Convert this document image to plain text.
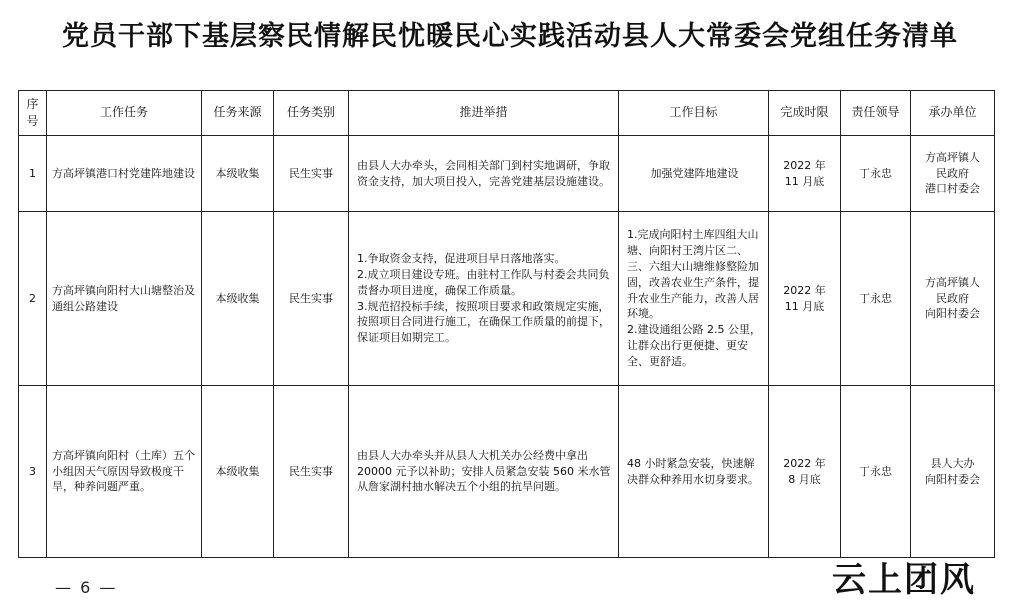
党员干部下基层察民情解民忧暖民心实践活动县人大常委会党组任务清单
序号	工作任务	任务来源	任务类别	推进举措	工作目标	完成时限	责任领导	承办单位
1	方高坪镇港口村党建阵地建设	本级收集	民生实事	由县人大办牵头，会同相关部门到村实地调研，争取资金支持，加大项目投入，完善党建基层设施建设。	加强党建阵地建设	2022 年
11 月底	丁永忠	方高坪镇人
民政府
港口村委会

2	方高坪镇向阳村大山塘整治及通组公路建设	本级收集	民生实事	1.争取资金支持，促进项目早日落地落实。
2.成立项目建设专班。由驻村工作队与村委会共同负责督办项目进度，确保工作质量。
3.规范招投标手续，按照项目要求和政策规定实施，按照项目合同进行施工，在确保工作质量的前提下，保证项目如期完工。	1.完成向阳村土库四组大山塘、向阳村王湾片区二、三、六组大山塘维修整险加固，改善农业生产条件，提升农业生产能力，改善人居环境。
2.建设通组公路 2.5 公里，让群众出行更便捷、更安全、更舒适。	2022 年
11 月底	丁永忠	方高坪镇人
民政府
向阳村委会

3	方高坪镇向阳村（土库）五个小组因天气原因导致极度干旱，种养问题严重。	本级收集	民生实事	由县人大办牵头并从县人大机关办公经费中拿出 20000 元予以补助；安排人员紧急安装 560 米水管从詹家湖村抽水解决五个小组的抗旱问题。	48 小时紧急安装，快速解决群众种养用水切身要求。	2022 年
8 月底	丁永忠	县人大办
向阳村委会
— 6 —	云上团风
